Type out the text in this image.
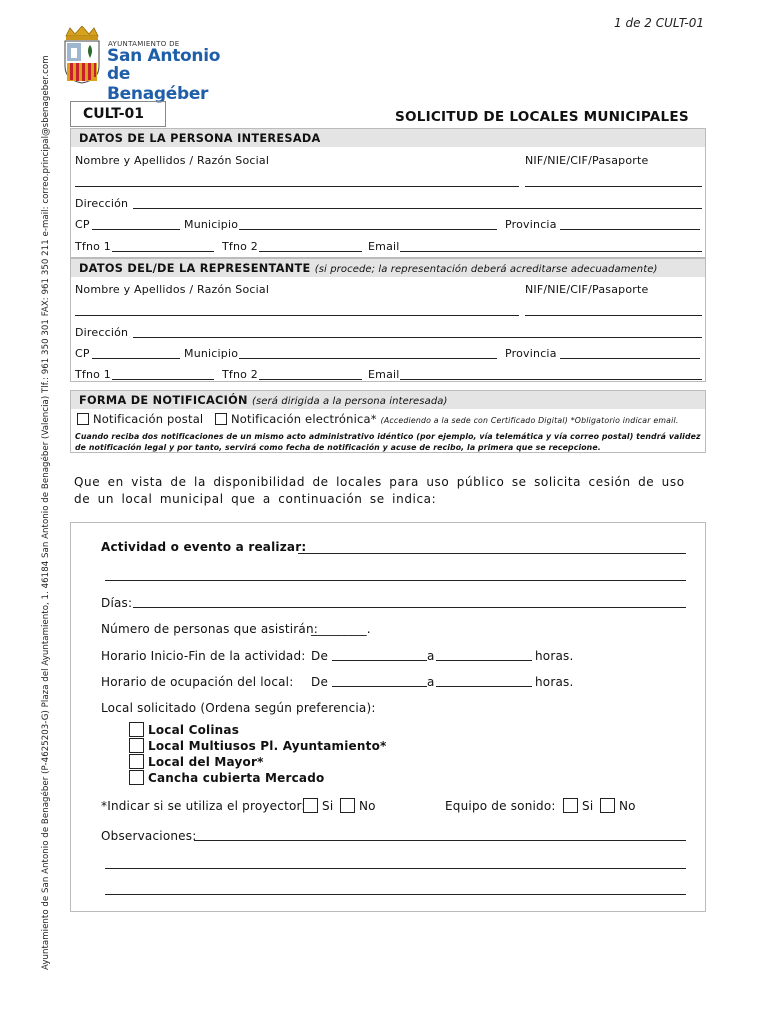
Ayuntamiento de San Antonio de Benagéber (P-4625203-G) Plaza del Ayuntamiento, 1. 46184 San Antonio de Benagéber (Valencia) Tlf.: 961 350 301 FAX: 961 350 211 e-mail: correo.principal@sbenageber.com
1 de 2 CULT-01
AYUNTAMIENTO DE
San Antonio
de Benagéber
CULT-01	SOLICITUD DE LOCALES MUNICIPALES
DATOS DE LA PERSONA INTERESADA
Nombre y Apellidos / Razón Social	NIF/NIE/CIF/Pasaporte
Dirección
CP	Municipio	Provincia
Tfno 1	Tfno 2	Email
DATOS DEL/DE LA REPRESENTANTE (si procede; la representación deberá acreditarse adecuadamente)
Nombre y Apellidos / Razón Social	NIF/NIE/CIF/Pasaporte
Dirección
CP	Municipio	Provincia
Tfno 1	Tfno 2	Email
FORMA DE NOTIFICACIÓN (será dirigida a la persona interesada)
Notificación postal	Notificación electrónica* (Accediendo a la sede con Certificado Digital) *Obligatorio indicar email.
Cuando reciba dos notificaciones de un mismo acto administrativo idéntico (por ejemplo, vía telemática y vía correo postal) tendrá validez de notificación legal y por tanto, servirá como fecha de notificación y acuse de recibo, la primera que se recepcione.
Que en vista de la disponibilidad de locales para uso público se solicita cesión de uso de un local municipal que a continuación se indica:
Actividad o evento a realizar:
Días:
Número de personas que asistirán:
_________.
Horario Inicio-Fin de la actividad: De	a	horas.
Horario de ocupación del local: De	a	horas.
Local solicitado (Ordena según preferencia):
Local Colinas
Local Multiusos Pl. Ayuntamiento*
Local del Mayor*
Cancha cubierta Mercado
*Indicar si se utiliza el proyector:	Si	No	Equipo de sonido:	Si	No
Observaciones:
